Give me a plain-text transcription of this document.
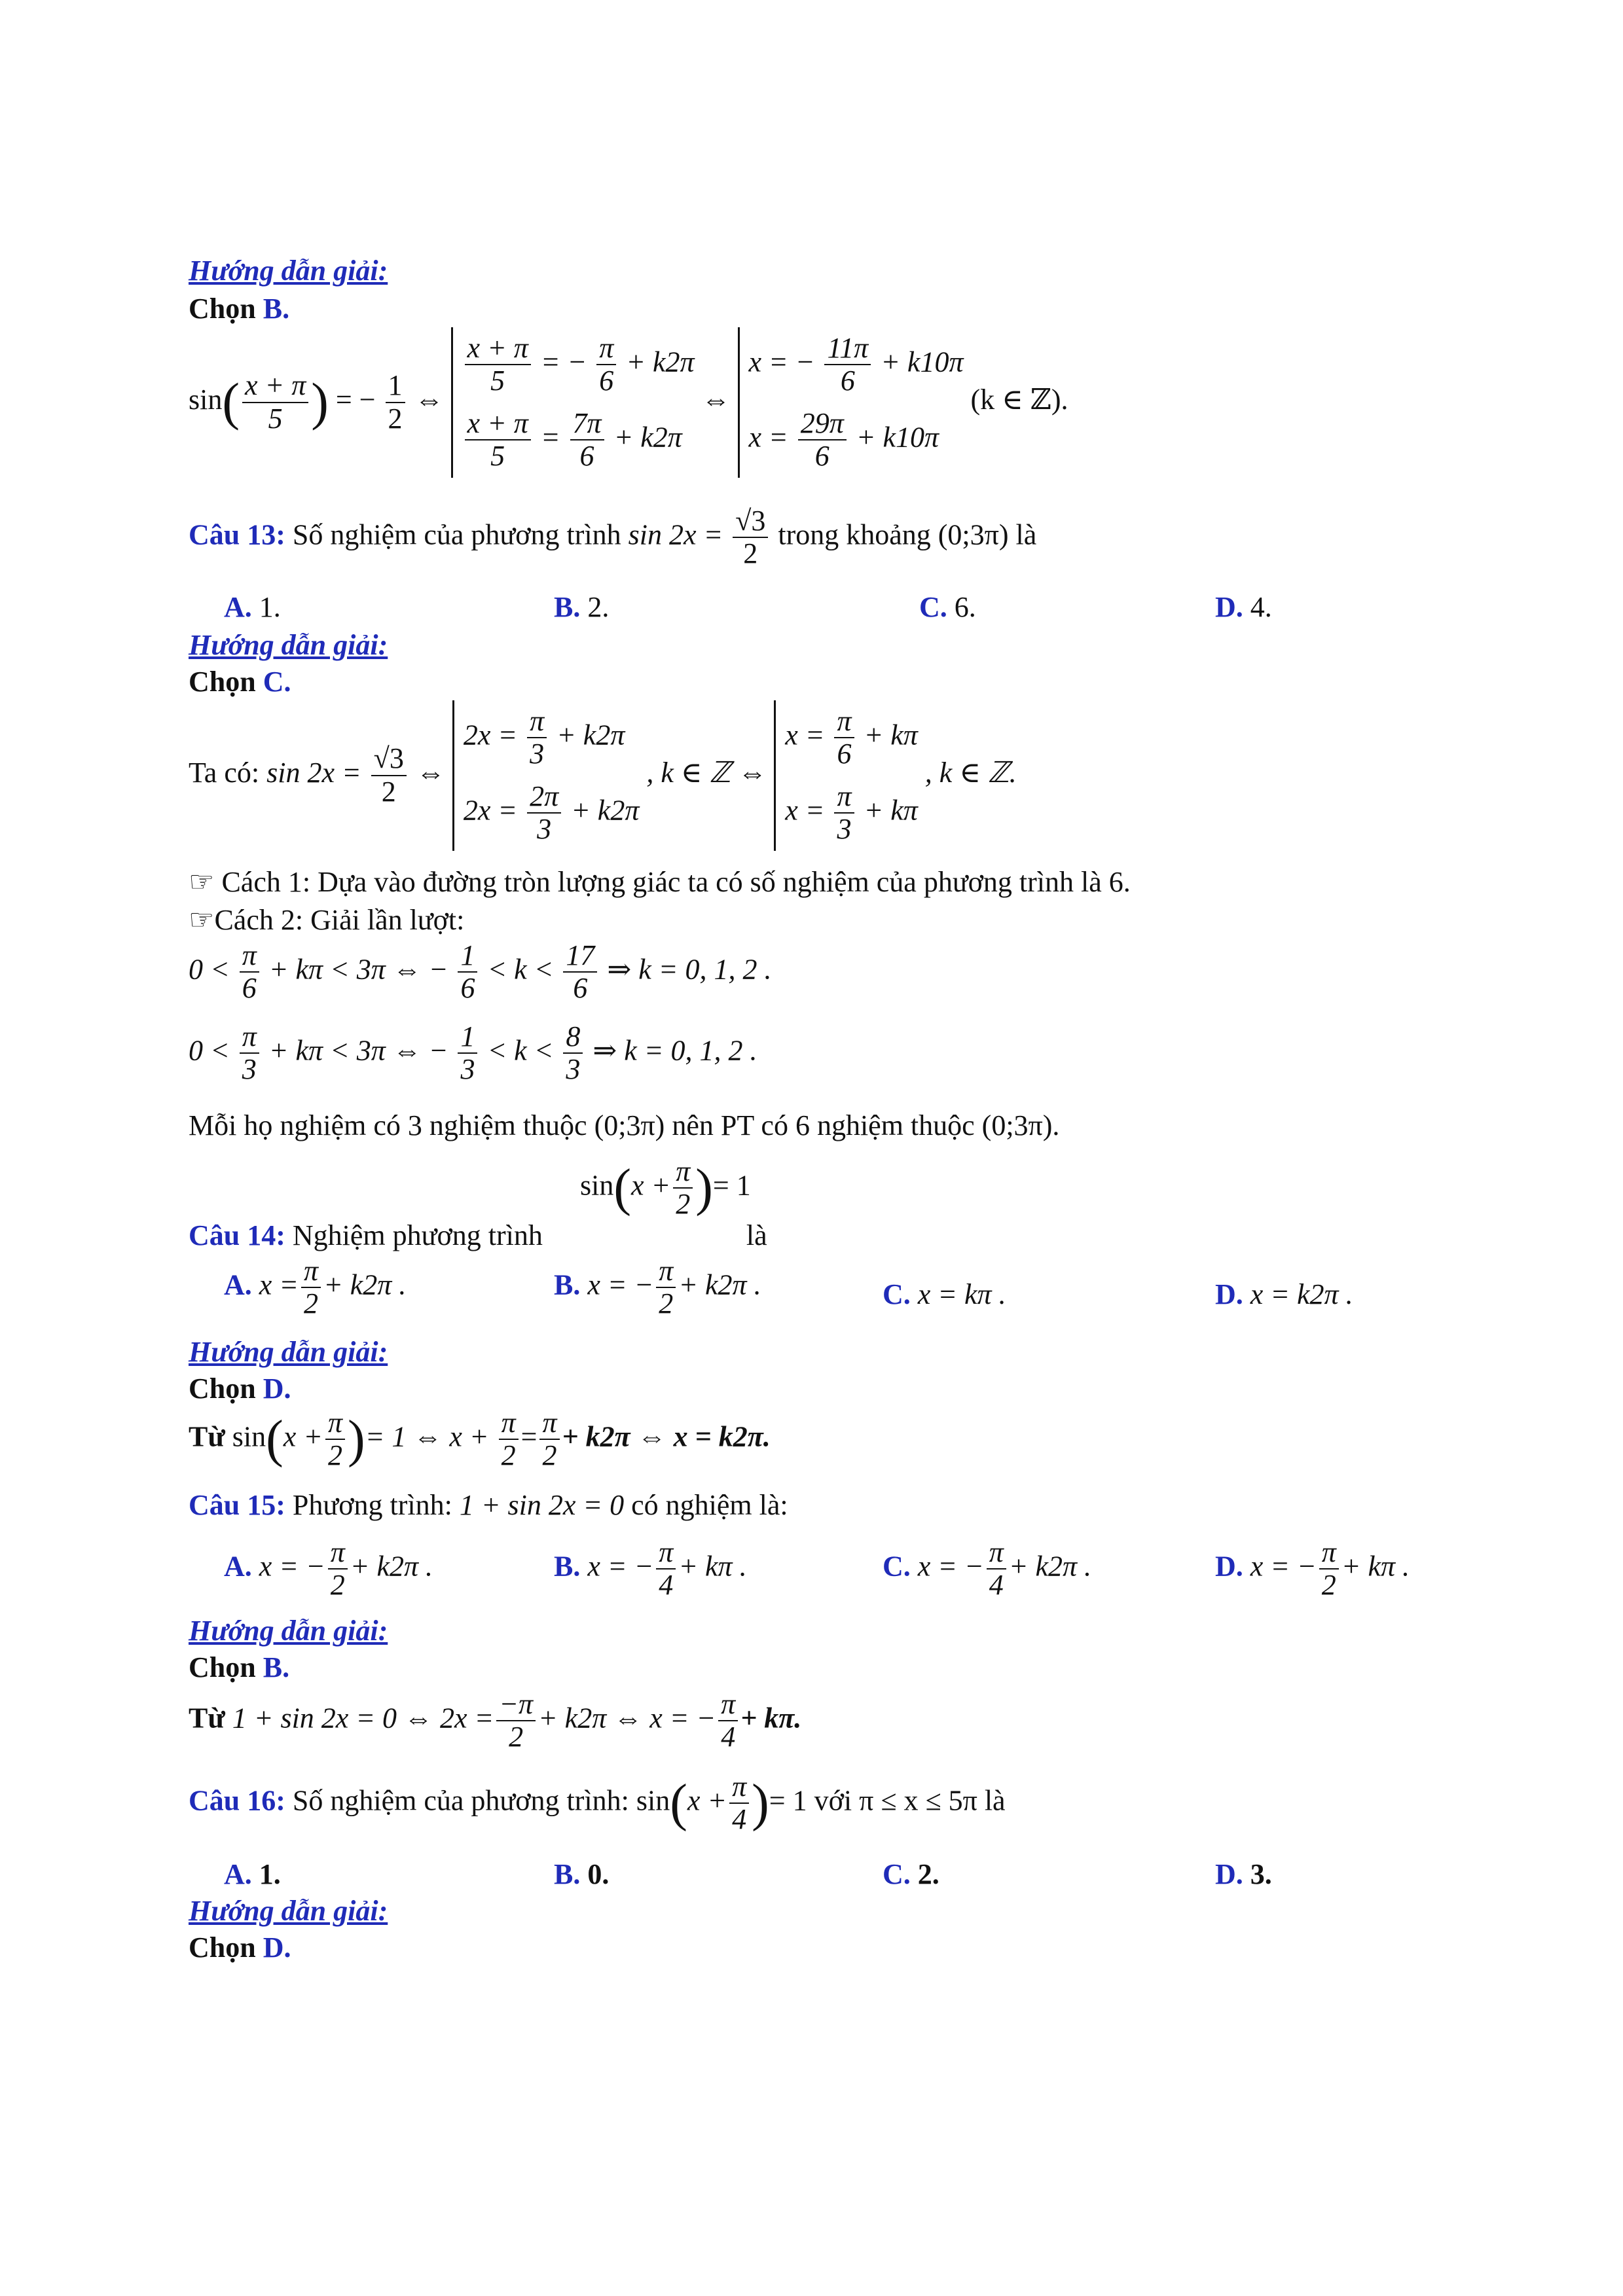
Hướng dẫn giải:
Chọn B.
$\sin( \frac{x + \pi}{5}$ ) = − $\frac{1}{2}$ ⇔
$\frac{x + \pi}{5}$ = − $\frac{\pi}{6} + k2\pi$
$\frac{x + \pi}{5} = \frac{7\pi}{6} + k2\pi$
⇔
x = − $\frac{11\pi}{6} + k10\pi$
$x = \frac{29\pi}{6} + k10\pi$
(k ∈ ℤ).
Câu 13: Số nghiệm của phương trình $\sin 2x = \frac{√3}{2}$ trong khoảng (0;3π) là
A. 1.	B. 2.	C. 6.	D. 4.
Hướng dẫn giải:
Chọn C.
Ta có: $\sin 2x = \frac{√3}{2}$ ⇔
$2x = \frac{\pi}{3} + k2\pi$
$2x = \frac{2\pi}{3} + k2\pi$
, k ∈ ℤ ⇔
$x = \frac{\pi}{6} + k\pi$
$x = \frac{\pi}{3} + k\pi$
, k ∈ ℤ.
☞ Cách 1: Dựa vào đường tròn lượng giác ta có số nghiệm của phương trình là 6.
☞Cách 2: Giải lần lượt:
$0 < \frac{\pi}{6} + k\pi < 3\pi$ ⇔ − $\frac{1}{6} < k < \frac{17}{6}$ ⇒ k = 0, 1, 2 .
$0 < \frac{\pi}{3} + k\pi < 3\pi$ ⇔ − $\frac{1}{3} < k < \frac{8}{3}$ ⇒ k = 0, 1, 2 .
Mỗi họ nghiệm có 3 nghiệm thuộc (0;3π) nên PT có 6 nghiệm thuộc (0;3π).
$\sin(x + \frac{\pi}{2}$ )= 1
Câu 14: Nghiệm phương trình	là
A. $x = \frac{\pi}{2} + k2\pi$ .	B. x = − $\frac{\pi}{2} + k2\pi$ .	C. x = kπ .	D. x = k2π .
Hướng dẫn giải:
Chọn D.
Từ $\sin(x + \frac{\pi}{2}$ )= 1 ⇔ $x + \frac{\pi}{2} = \frac{\pi}{2} + k2\pi$ ⇔ x = k2π.
Câu 15: Phương trình: 1 + sin 2x = 0 có nghiệm là:
A. x = − $\frac{\pi}{2} + k2\pi$ .	B. x = − $\frac{\pi}{4} + k\pi$ .	C. x = − $\frac{\pi}{4} + k2\pi$ .	D. x = − $\frac{\pi}{2} + k\pi$ .
Hướng dẫn giải:
Chọn B.
Từ 1 + sin 2x = 0 ⇔ $2x = \frac{-\pi}{2} + k2\pi$ ⇔ x = − $\frac{\pi}{4} + k\pi$.
Câu 16: Số nghiệm của phương trình: $\sin(x + \frac{\pi}{4}$ )= 1 với π ≤ x ≤ 5π là
A. 1.	B. 0.	C. 2.	D. 3.
Hướng dẫn giải:
Chọn D.
